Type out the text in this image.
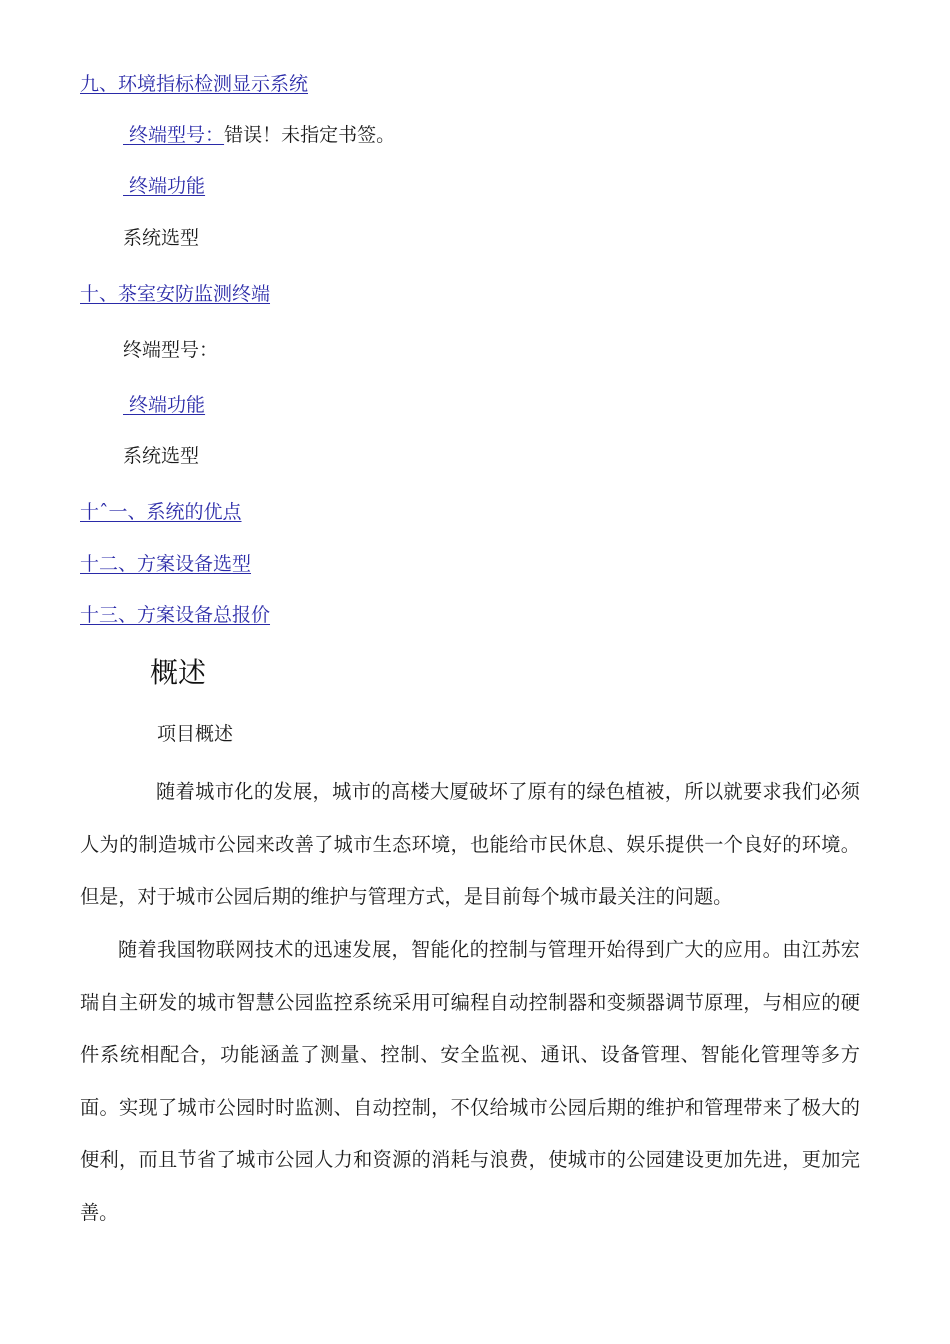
九、环境指标检测显示系统
终端型号：错误！未指定书签。
终端功能
系统选型
十、茶室安防监测终端
终端型号：
终端功能
系统选型
十ˆ一、系统的优点
十二、方案设备选型
十三、方案设备总报价
概述
项目概述

随着城市化的发展，城市的高楼大厦破坏了原有的绿色植被，所以就要求我们必须人为的制造城市公园来改善了城市生态环境，也能给市民休息、娱乐提供一个良好的环境。但是，对于城市公园后期的维护与管理方式，是目前每个城市最关注的问题。

随着我国物联网技术的迅速发展，智能化的控制与管理开始得到广大的应用。由江苏宏瑞自主研发的城市智慧公园监控系统采用可编程自动控制器和变频器调节原理，与相应的硬件系统相配合，功能涵盖了测量、控制、安全监视、通讯、设备管理、智能化管理等多方面。实现了城市公园时时监测、自动控制，不仅给城市公园后期的维护和管理带来了极大的便利，而且节省了城市公园人力和资源的消耗与浪费，使城市的公园建设更加先进，更加完善。
